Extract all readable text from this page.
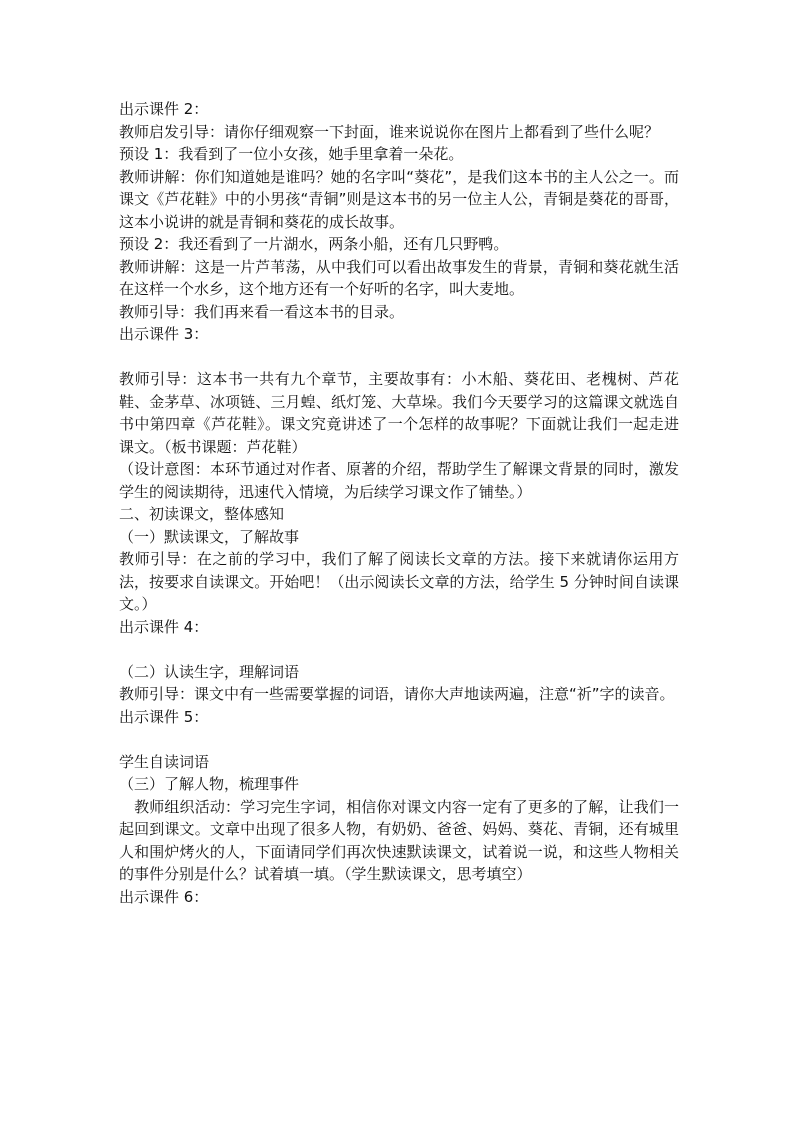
出示课件 2：

教师启发引导：请你仔细观察一下封面，谁来说说你在图片上都看到了些什么呢？

预设 1：我看到了一位小女孩，她手里拿着一朵花。

教师讲解：你们知道她是谁吗？她的名字叫“葵花”，是我们这本书的主人公之一。而课文《芦花鞋》中的小男孩“青铜”则是这本书的另一位主人公，青铜是葵花的哥哥，这本小说讲的就是青铜和葵花的成长故事。

预设 2：我还看到了一片湖水，两条小船，还有几只野鸭。

教师讲解：这是一片芦苇荡，从中我们可以看出故事发生的背景，青铜和葵花就生活在这样一个水乡，这个地方还有一个好听的名字，叫大麦地。

教师引导：我们再来看一看这本书的目录。

出示课件 3：

教师引导：这本书一共有九个章节，主要故事有：小木船、葵花田、老槐树、芦花鞋、金茅草、冰项链、三月蝗、纸灯笼、大草垛。我们今天要学习的这篇课文就选自书中第四章《芦花鞋》。课文究竟讲述了一个怎样的故事呢？下面就让我们一起走进课文。（板书课题：芦花鞋）

（设计意图：本环节通过对作者、原著的介绍，帮助学生了解课文背景的同时，激发学生的阅读期待，迅速代入情境，为后续学习课文作了铺垫。）

二、初读课文，整体感知

（一）默读课文，了解故事

教师引导：在之前的学习中，我们了解了阅读长文章的方法。接下来就请你运用方法，按要求自读课文。开始吧！（出示阅读长文章的方法，给学生 5 分钟时间自读课文。）

出示课件 4：

（二）认读生字，理解词语

教师引导：课文中有一些需要掌握的词语，请你大声地读两遍，注意“祈”字的读音。

出示课件 5：

学生自读词语

（三）了解人物，梳理事件

　教师组织活动：学习完生字词，相信你对课文内容一定有了更多的了解，让我们一起回到课文。文章中出现了很多人物，有奶奶、爸爸、妈妈、葵花、青铜，还有城里人和围炉烤火的人，下面请同学们再次快速默读课文，试着说一说，和这些人物相关的事件分别是什么？试着填一填。（学生默读课文，思考填空）

出示课件 6：
